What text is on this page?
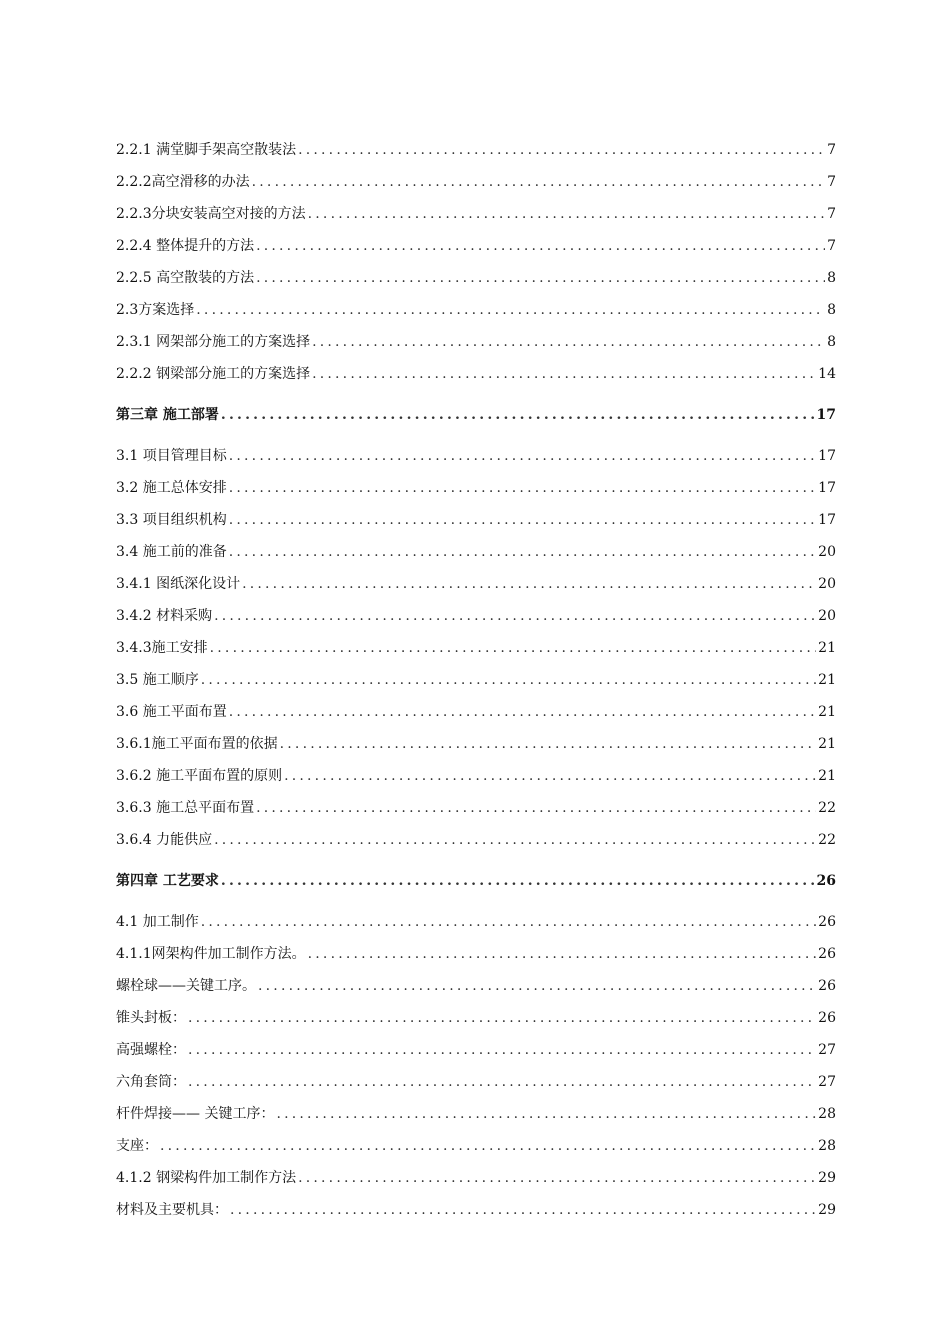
2.2.1 满堂脚手架高空散装法 .....	7
2.2.2高空滑移的办法 .....	7
2.2.3分块安装高空对接的方法 .....	7
2.2.4 整体提升的方法 .....	7
2.2.5 高空散装的方法 .....	8
2.3方案选择 .....	8
2.3.1 网架部分施工的方案选择 .....	8
2.2.2 钢梁部分施工的方案选择 .....	14
第三章 施工部署 .....	17
3.1 项目管理目标 .....	17
3.2 施工总体安排 .....	17
3.3 项目组织机构 .....	17
3.4 施工前的准备 .....	20
3.4.1 图纸深化设计 .....	20
3.4.2 材料采购 .....	20
3.4.3施工安排 .....	21
3.5 施工顺序 .....	21
3.6 施工平面布置 .....	21
3.6.1施工平面布置的依据 .....	21
3.6.2 施工平面布置的原则 .....	21
3.6.3 施工总平面布置 .....	22
3.6.4 力能供应 .....	22
第四章 工艺要求 .....	26
4.1 加工制作 .....	26
4.1.1网架构件加工制作方法。 .....	26
螺栓球——关键工序。 .....	26
锥头封板： .....	26
高强螺栓： .....	27
六角套筒： .....	27
杆件焊接—— 关键工序： .....	28
支座： .....	28
4.1.2 钢梁构件加工制作方法 .....	29
材料及主要机具： .....	29
